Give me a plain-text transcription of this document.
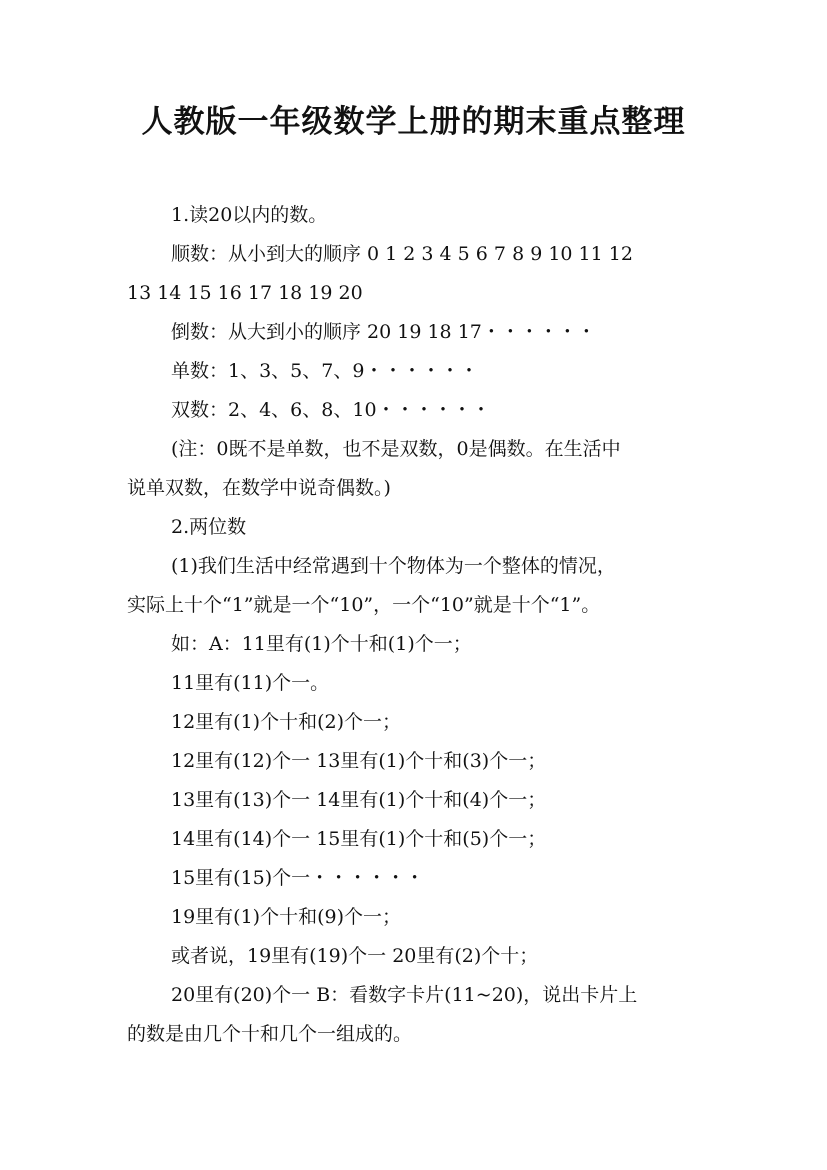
人教版一年级数学上册的期末重点整理
1.读20以内的数。
顺数：从小到大的顺序 0 1 2 3 4 5 6 7 8 9 10 11 12
13 14 15 16 17 18 19 20
倒数：从大到小的顺序 20 19 18 17・・・・・・
单数：1、3、5、7、9・・・・・・
双数：2、4、6、8、10・・・・・・
(注：0既不是单数，也不是双数，0是偶数。在生活中
说单双数，在数学中说奇偶数。)
2.两位数
(1)我们生活中经常遇到十个物体为一个整体的情况，
实际上十个“1”就是一个“10”，一个“10”就是十个“1”。
如：A：11里有(1)个十和(1)个一；
11里有(11)个一。
12里有(1)个十和(2)个一；
12里有(12)个一 13里有(1)个十和(3)个一；
13里有(13)个一 14里有(1)个十和(4)个一；
14里有(14)个一 15里有(1)个十和(5)个一；
15里有(15)个一・・・・・・
19里有(1)个十和(9)个一；
或者说，19里有(19)个一 20里有(2)个十；
20里有(20)个一 B：看数字卡片(11~20)，说出卡片上
的数是由几个十和几个一组成的。
